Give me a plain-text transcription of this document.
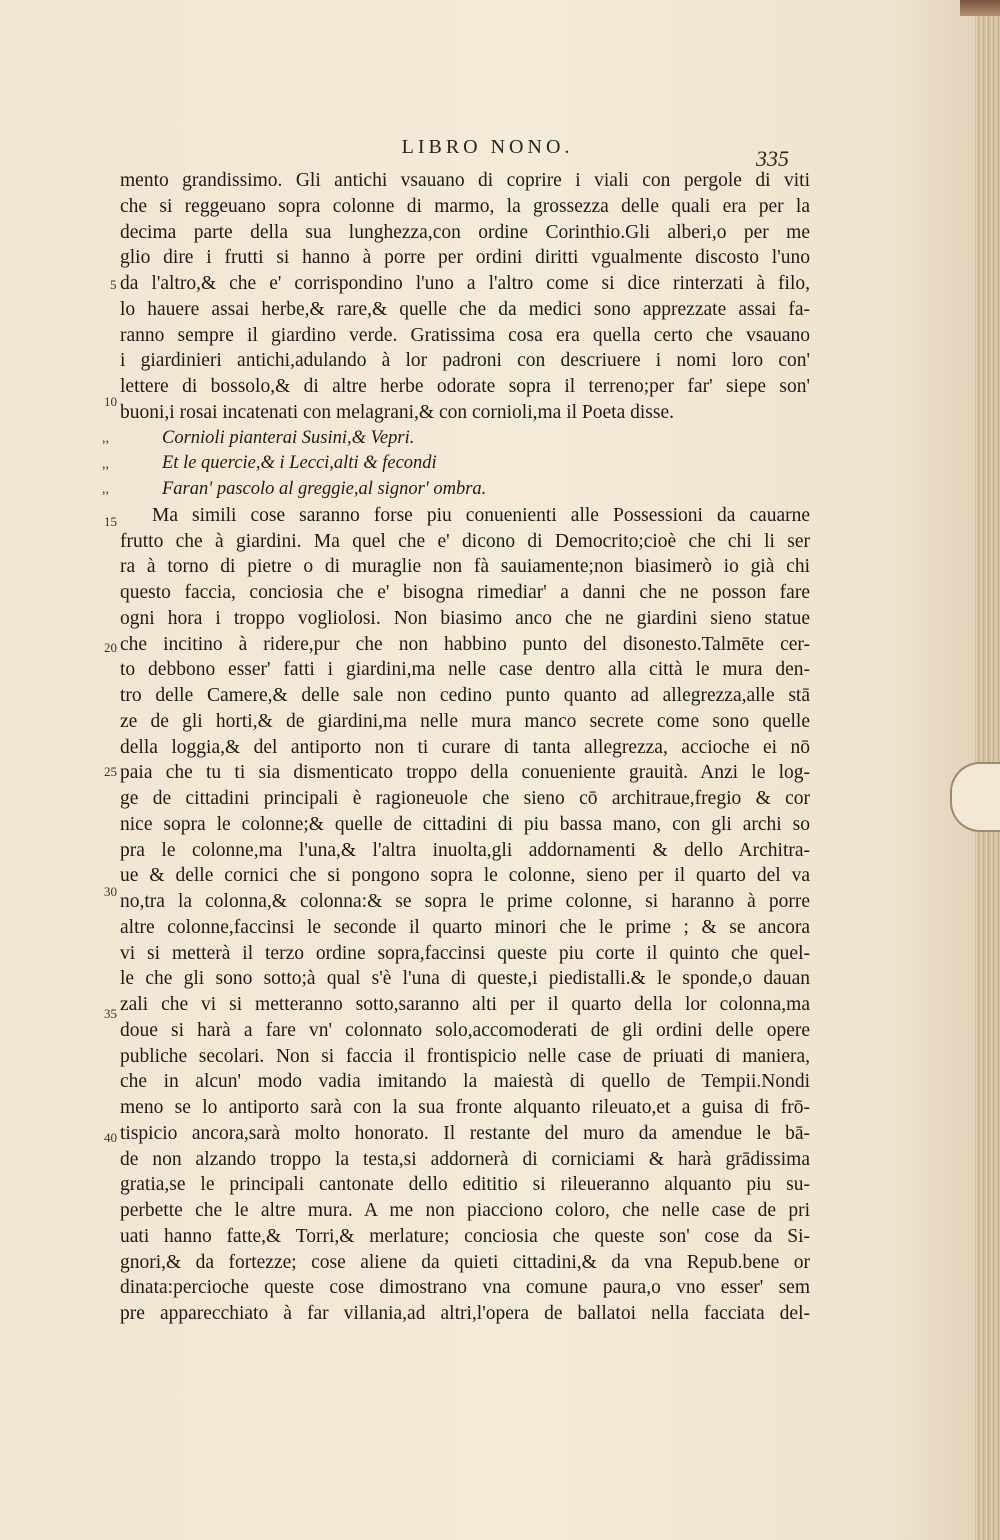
LIBRO NONO.	335
mento grandissimo. Gli antichi vsauano di coprire i viali con pergole di viti
che si reggeuano sopra colonne di marmo, la grossezza delle quali era per la
decima parte della sua lunghezza,con ordine Corinthio.Gli alberi,o per me
glio dire i frutti si hanno à porre per ordini diritti vgualmente discosto l'uno
da l'altro,& che e' corrispondino l'uno a l'altro come si dice rinterzati à filo,
lo hauere assai herbe,& rare,& quelle che da medici sono apprezzate assai fa-
ranno sempre il giardino verde. Gratissima cosa era quella certo che vsauano
i giardinieri antichi,adulando à lor padroni con descriuere i nomi loro con'
lettere di bossolo,& di altre herbe odorate sopra il terreno;per far' siepe son'
buoni,i rosai incatenati con melagrani,& con cornioli,ma il Poeta disse.
Cornioli pianterai Susini,& Vepri.
Et le quercie,& i Lecci,alti & fecondi
Faran' pascolo al greggie,al signor' ombra.
Ma simili cose saranno forse piu conuenienti alle Possessioni da cauarne
frutto che à giardini. Ma quel che e' dicono di Democrito;cioè che chi li ser
ra à torno di pietre o di muraglie non fà sauiamente;non biasimerò io già chi
questo faccia, conciosia che e' bisogna rimediar' a danni che ne posson fare
ogni hora i troppo vogliolosi. Non biasimo anco che ne giardini sieno statue
che incitino à ridere,pur che non habbino punto del disonesto.Talmēte cer-
to debbono esser' fatti i giardini,ma nelle case dentro alla città le mura den-
tro delle Camere,& delle sale non cedino punto quanto ad allegrezza,alle stā
ze de gli horti,& de giardini,ma nelle mura manco secrete come sono quelle
della loggia,& del antiporto non ti curare di tanta allegrezza, accioche ei nō
paia che tu ti sia dismenticato troppo della conueniente grauità. Anzi le log-
ge de cittadini principali è ragioneuole che sieno cō architraue,fregio & cor
nice sopra le colonne;& quelle de cittadini di piu bassa mano, con gli archi so
pra le colonne,ma l'una,& l'altra inuolta,gli addornamenti & dello Architra-
ue & delle cornici che si pongono sopra le colonne, sieno per il quarto del va
no,tra la colonna,& colonna:& se sopra le prime colonne, si haranno à porre
altre colonne,faccinsi le seconde il quarto minori che le prime ; & se ancora
vi si metterà il terzo ordine sopra,faccinsi queste piu corte il quinto che quel-
le che gli sono sotto;à qual s'è l'una di queste,i piedistalli.& le sponde,o dauan
zali che vi si metteranno sotto,saranno alti per il quarto della lor colonna,ma
doue si harà a fare vn' colonnato solo,accomoderati de gli ordini delle opere
publiche secolari. Non si faccia il frontispicio nelle case de priuati di maniera,
che in alcun' modo vadia imitando la maiestà di quello de Tempii.Nondi
meno se lo antiporto sarà con la sua fronte alquanto rileuato,et a guisa di frō-
tispicio ancora,sarà molto honorato. Il restante del muro da amendue le bā-
de non alzando troppo la testa,si addornerà di corniciami & harà grādissima
gratia,se le principali cantonate dello edititio si rileueranno alquanto piu su-
perbette che le altre mura. A me non piacciono coloro, che nelle case de pri
uati hanno fatte,& Torri,& merlature; conciosia che queste son' cose da Si-
gnori,& da fortezze; cose aliene da quieti cittadini,& da vna Repub.bene or
dinata:percioche queste cose dimostrano vna comune paura,o vno esser' sem
pre apparecchiato à far villania,ad altri,l'opera de ballatoi nella facciata del-
,,
,,
,,
5
10
15
20
25
30
35
40
